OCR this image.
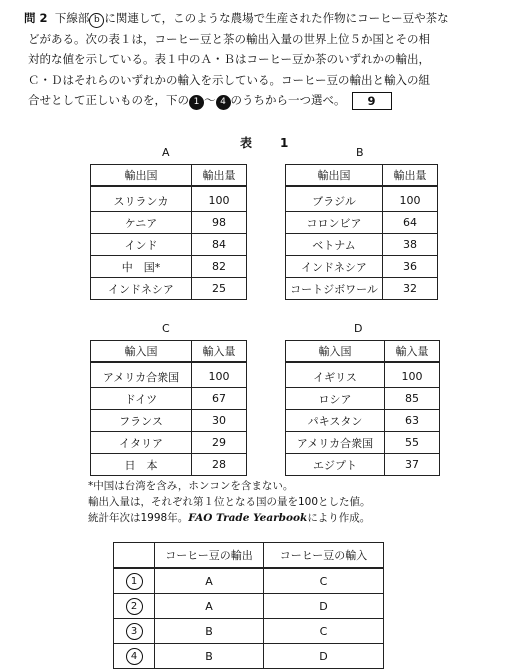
問 2 下線部 b に関連して，このような農場で生産された作物にコーヒー豆や茶な
どがある。次の表１は，コーヒー豆と茶の輸出入量の世界上位５か国とその相
対的な値を示している。表１中のＡ・Ｂはコーヒー豆か茶のいずれかの輸出，
Ｃ・Ｄはそれらのいずれかの輸入を示している。コーヒー豆の輸出と輸入の組
合せとして正しいものを，下の 1 〜 4 のうちから一つ選べ。 9
表　1
A
輸出国	輸出量
スリランカ	100
ケニア	98
インド	84
中　国*	82
インドネシア	25
B
輸出国	輸出量
ブラジル	100
コロンビア	64
ベトナム	38
インドネシア	36
コートジボワール	32
C
輸入国	輸入量
アメリカ合衆国	100
ドイツ	67
フランス	30
イタリア	29
日　本	28
D
輸入国	輸入量
イギリス	100
ロシア	85
パキスタン	63
アメリカ合衆国	55
エジプト	37
*中国は台湾を含み，ホンコンを含まない。
輸出入量は，それぞれ第１位となる国の量を100とした値。
統計年次は1998年。FAO Trade Yearbookにより作成。
	コーヒー豆の輸出	コーヒー豆の輸入
1	A	C
2	A	D
3	B	C
4	B	D
